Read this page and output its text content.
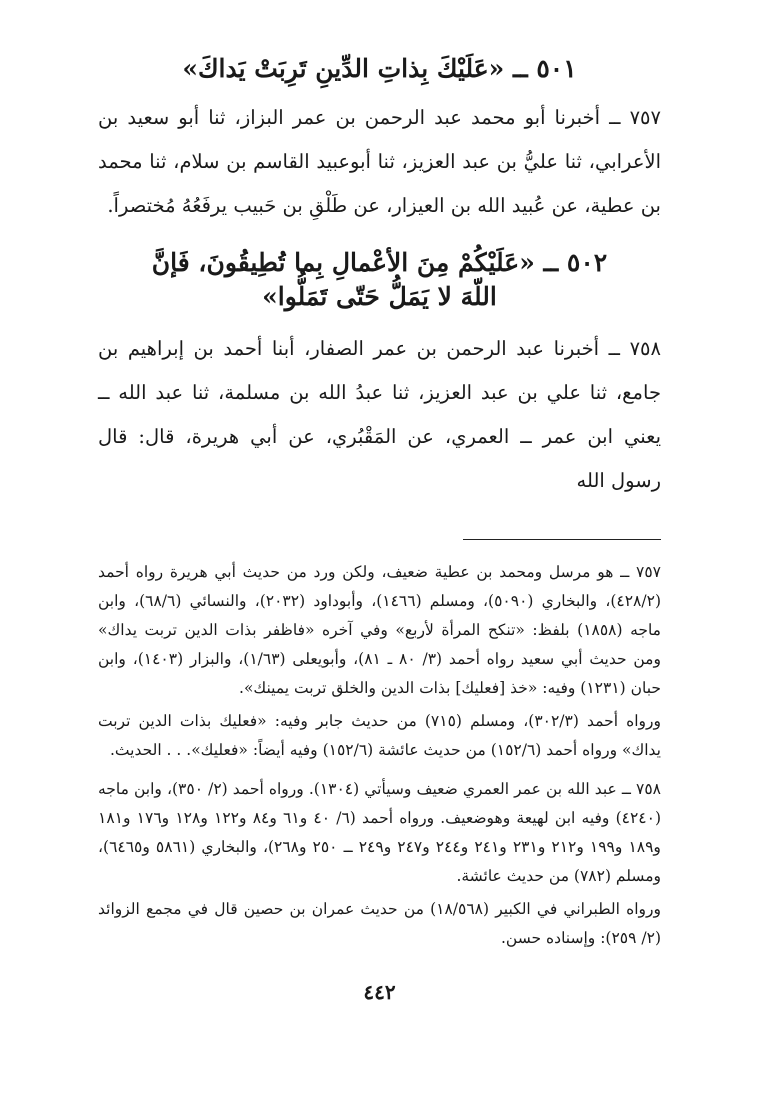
٥٠١ ــ «عَلَيْكَ بِذاتِ الدِّينِ تَرِبَتْ يَداكَ»

٧٥٧ ــ أخبرنا أبو محمد عبد الرحمن بن عمر البزاز، ثنا أبو سعيد بن الأعرابي، ثنا عليُّ بن عبد العزيز، ثنا أبوعبيد القاسم بن سلام، ثنا محمد بن عطية، عن عُبيد الله بن العيزار، عن طَلْقِ بن حَبيب يرفَعُهُ مُختصراً.

٥٠٢ ــ «عَلَيْكُمْ مِنَ الأعْمالِ بِما تُطِيقُونَ، فَإنَّ
اللّهَ لا يَمَلُّ حَتّى تَمَلُّوا»

٧٥٨ ــ أخبرنا عبد الرحمن بن عمر الصفار، أبنا أحمد بن إبراهيم بن جامع، ثنا علي بن عبد العزيز، ثنا عبدُ الله بن مسلمة، ثنا عبد الله ــ يعني ابن عمر ــ العمري، عن المَقْبُري، عن أبي هريرة، قال: قال رسول الله

٧٥٧ ــ هو مرسل ومحمد بن عطية ضعيف، ولكن ورد من حديث أبي هريرة رواه أحمد (٤٢٨/٢)، والبخاري (٥٠٩٠)، ومسلم (١٤٦٦)، وأبوداود (٢٠٣٢)، والنسائي (٦٨/٦)، وابن ماجه (١٨٥٨) بلفظ: «تنكح المرأة لأربع» وفي آخره «فاظفر بذات الدين تربت يداك» ومن حديث أبي سعيد رواه أحمد (٣/ ٨٠ ـ ٨١)، وأبويعلى (١/٦٣)، والبزار (١٤٠٣)، وابن حبان (١٢٣١) وفيه: «خذ [فعليك] بذات الدين والخلق تربت يمينك».

ورواه أحمد (٣٠٢/٣)، ومسلم (٧١٥) من حديث جابر وفيه: «فعليك بذات الدين تربت يداك» ورواه أحمد (١٥٢/٦) من حديث عائشة (١٥٢/٦) وفيه أيضاً: «فعليك». . . الحديث.

٧٥٨ ــ عبد الله بن عمر العمري ضعيف وسيأتي (١٣٠٤). ورواه أحمد (٢/ ٣٥٠)، وابن ماجه (٤٢٤٠) وفيه ابن لهيعة وهوضعيف. ورواه أحمد (٦/ ٤٠ و٦١ و٨٤ و١٢٢ و١٢٨ و١٧٦ و١٨١ و١٨٩ و١٩٩ و٢١٢ و٢٣١ و٢٤١ و٢٤٤ و٢٤٧ و٢٤٩ ــ ٢٥٠ و٢٦٨)، والبخاري (٥٨٦١ و٦٤٦٥)، ومسلم (٧٨٢) من حديث عائشة.

ورواه الطبراني في الكبير (١٨/٥٦٨) من حديث عمران بن حصين قال في مجمع الزوائد (٢/ ٢٥٩): وإسناده حسن.

٤٤٢
